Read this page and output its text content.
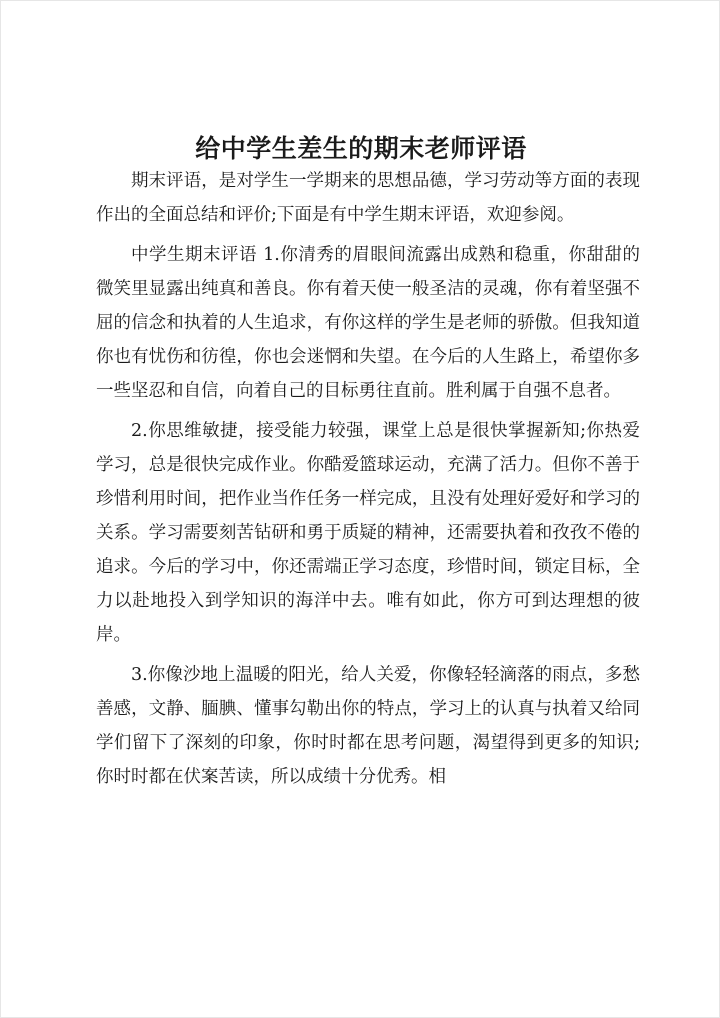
给中学生差生的期末老师评语

期末评语，是对学生一学期来的思想品德，学习劳动等方面的表现作出的全面总结和评价;下面是有中学生期末评语，欢迎参阅。

中学生期末评语 1.你清秀的眉眼间流露出成熟和稳重，你甜甜的微笑里显露出纯真和善良。你有着天使一般圣洁的灵魂，你有着坚强不屈的信念和执着的人生追求，有你这样的学生是老师的骄傲。但我知道你也有忧伤和彷徨，你也会迷惘和失望。在今后的人生路上，希望你多一些坚忍和自信，向着自己的目标勇往直前。胜利属于自强不息者。

2.你思维敏捷，接受能力较强，课堂上总是很快掌握新知;你热爱学习，总是很快完成作业。你酷爱篮球运动，充满了活力。但你不善于珍惜利用时间，把作业当作任务一样完成，且没有处理好爱好和学习的关系。学习需要刻苦钻研和勇于质疑的精神，还需要执着和孜孜不倦的追求。今后的学习中，你还需端正学习态度，珍惜时间，锁定目标，全力以赴地投入到学知识的海洋中去。唯有如此，你方可到达理想的彼岸。

3.你像沙地上温暖的阳光，给人关爱，你像轻轻滴落的雨点，多愁善感，文静、腼腆、懂事勾勒出你的特点，学习上的认真与执着又给同学们留下了深刻的印象，你时时都在思考问题，渴望得到更多的知识;你时时都在伏案苦读，所以成绩十分优秀。相
